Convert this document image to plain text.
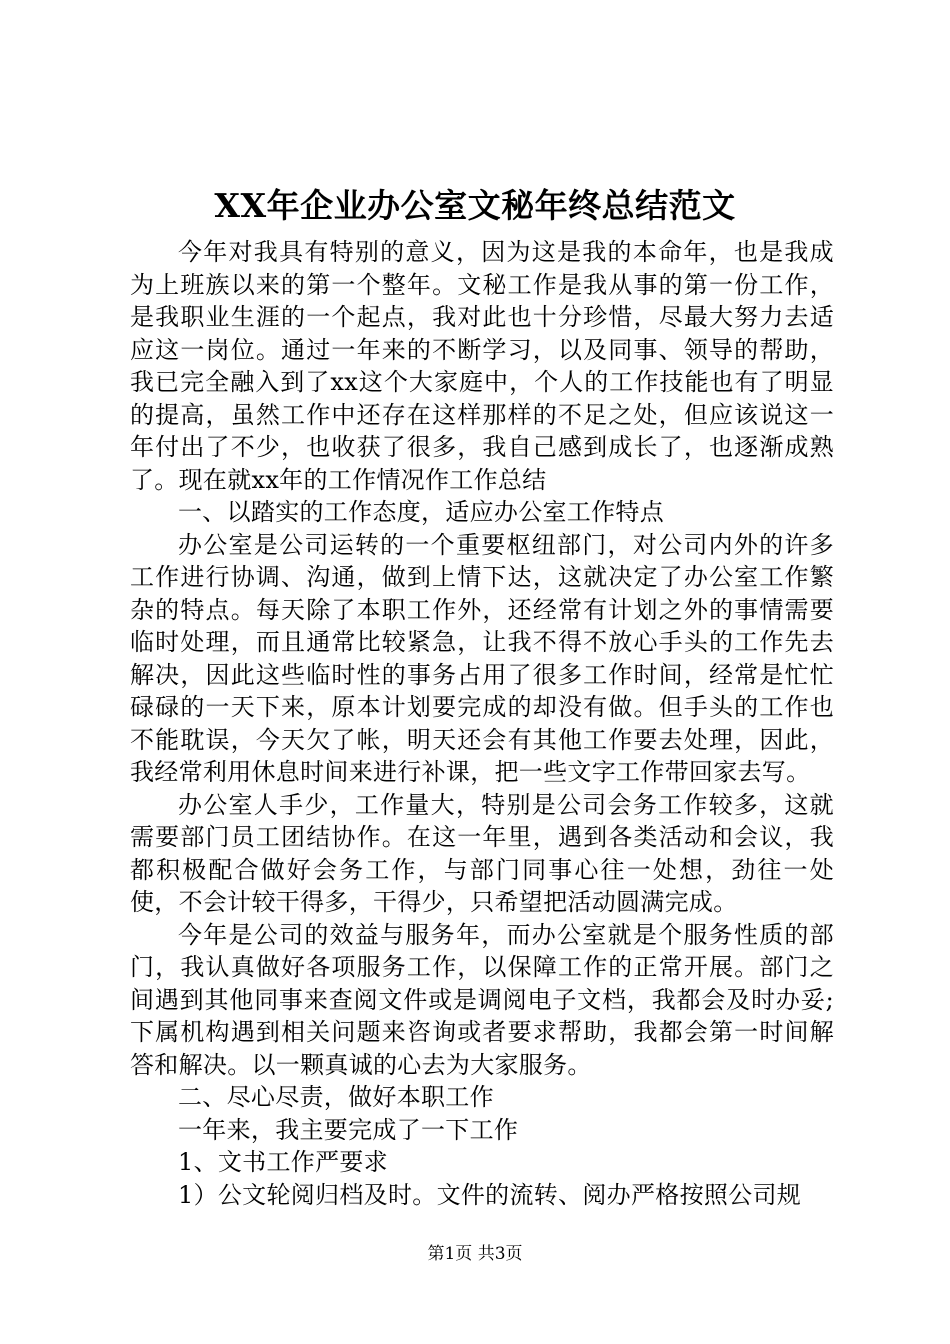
XX年企业办公室文秘年终总结范文

今年对我具有特别的意义，因为这是我的本命年，也是我成为上班族以来的第一个整年。文秘工作是我从事的第一份工作，是我职业生涯的一个起点，我对此也十分珍惜，尽最大努力去适应这一岗位。通过一年来的不断学习，以及同事、领导的帮助，我已完全融入到了xx这个大家庭中，个人的工作技能也有了明显的提高，虽然工作中还存在这样那样的不足之处，但应该说这一年付出了不少，也收获了很多，我自己感到成长了，也逐渐成熟了。现在就xx年的工作情况作工作总结

一、以踏实的工作态度，适应办公室工作特点

办公室是公司运转的一个重要枢纽部门，对公司内外的许多工作进行协调、沟通，做到上情下达，这就决定了办公室工作繁杂的特点。每天除了本职工作外，还经常有计划之外的事情需要临时处理，而且通常比较紧急，让我不得不放心手头的工作先去解决，因此这些临时性的事务占用了很多工作时间，经常是忙忙碌碌的一天下来，原本计划要完成的却没有做。但手头的工作也不能耽误，今天欠了帐，明天还会有其他工作要去处理，因此，我经常利用休息时间来进行补课，把一些文字工作带回家去写。

办公室人手少，工作量大，特别是公司会务工作较多，这就需要部门员工团结协作。在这一年里，遇到各类活动和会议，我都积极配合做好会务工作，与部门同事心往一处想，劲往一处使，不会计较干得多，干得少，只希望把活动圆满完成。

今年是公司的效益与服务年，而办公室就是个服务性质的部门，我认真做好各项服务工作，以保障工作的正常开展。部门之间遇到其他同事来查阅文件或是调阅电子文档，我都会及时办妥;下属机构遇到相关问题来咨询或者要求帮助，我都会第一时间解答和解决。以一颗真诚的心去为大家服务。

二、尽心尽责，做好本职工作

一年来，我主要完成了一下工作

1、文书工作严要求

1）公文轮阅归档及时。文件的流转、阅办严格按照公司规

第1页 共3页
